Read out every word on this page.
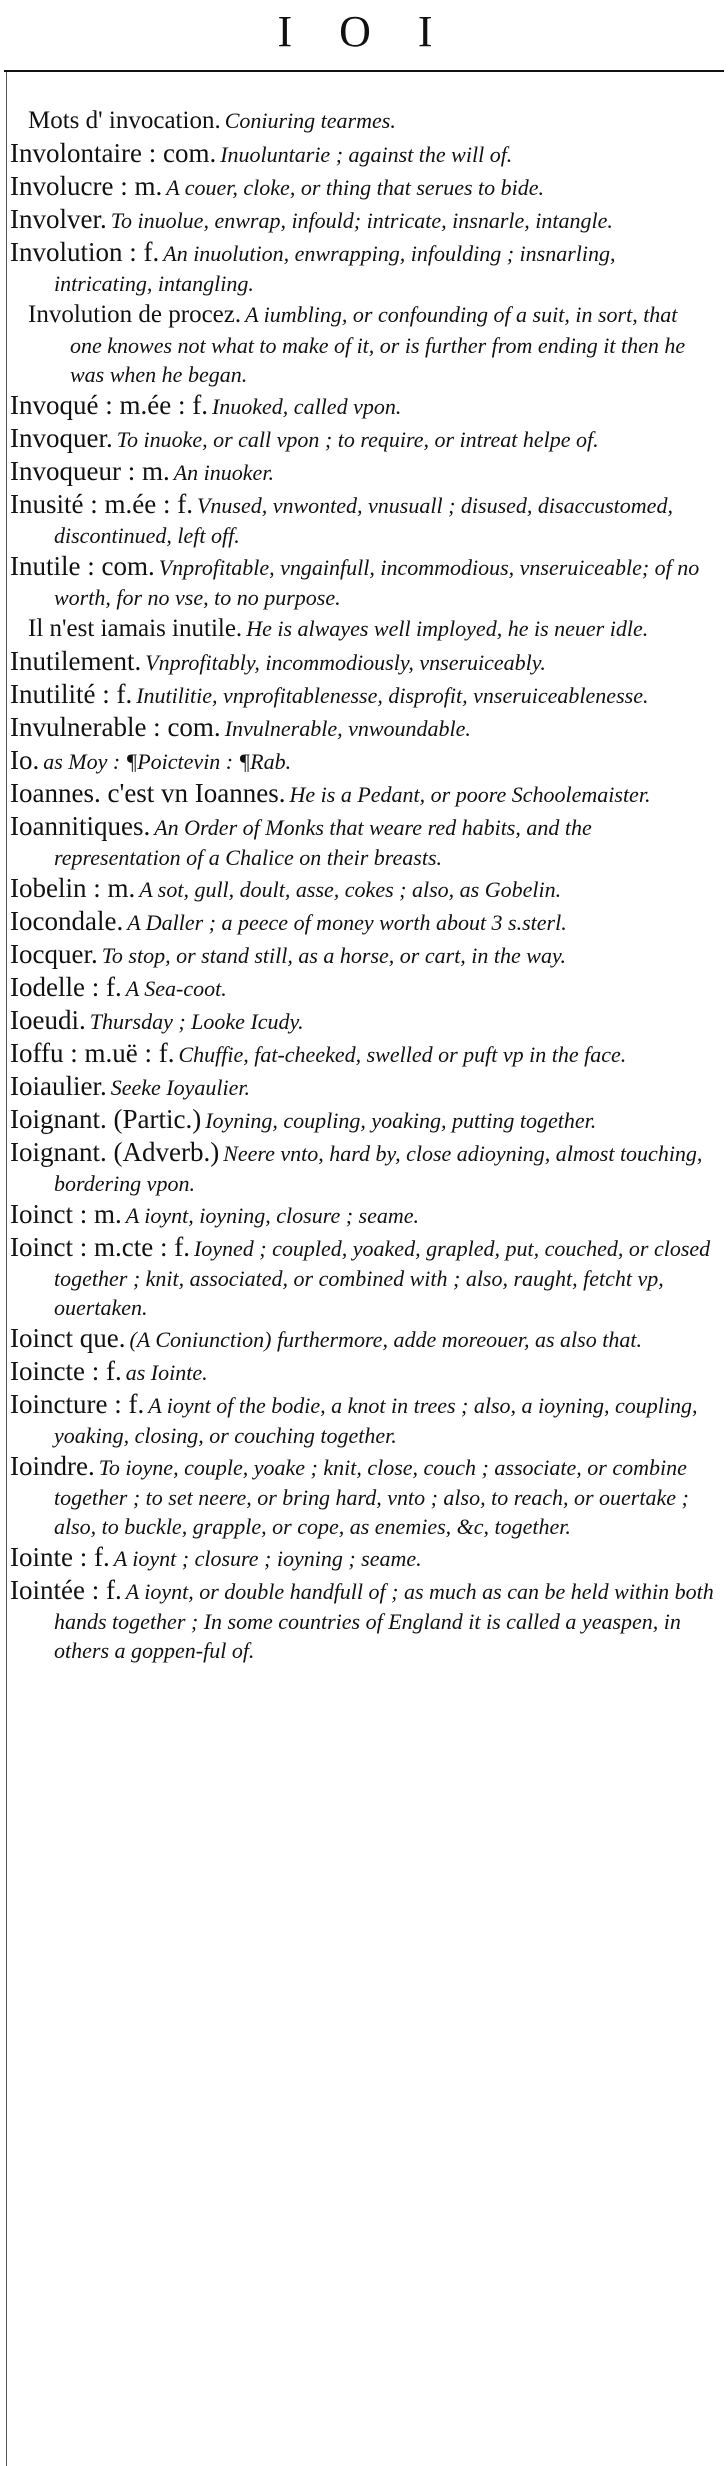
I O I

Mots d' invocation. Coniuring tearmes.

Involontaire : com. Inuoluntarie ; against the will of.

Involucre : m. A couer, cloke, or thing that serues to bide.

Involver. To inuolue, enwrap, infould; intricate, insnarle, intangle.

Involution : f. An inuolution, enwrapping, infoulding ; insnarling, intricating, intangling.

Involution de procez. A iumbling, or confounding of a suit, in sort, that one knowes not what to make of it, or is further from ending it then he was when he began.

Invoqué : m.ée : f. Inuoked, called vpon.

Invoquer. To inuoke, or call vpon ; to require, or intreat helpe of.

Invoqueur : m. An inuoker.

Inusité : m.ée : f. Vnused, vnwonted, vnusuall ; disused, disaccustomed, discontinued, left off.

Inutile : com. Vnprofitable, vngainfull, incommodious, vnseruiceable; of no worth, for no vse, to no purpose.

Il n'est iamais inutile. He is alwayes well imployed, he is neuer idle.

Inutilement. Vnprofitably, incommodiously, vnseruiceably.

Inutilité : f. Inutilitie, vnprofitablenesse, disprofit, vnseruiceablenesse.

Invulnerable : com. Invulnerable, vnwoundable.

Io. as Moy : ¶Poictevin : ¶Rab.

Ioannes. c'est vn Ioannes. He is a Pedant, or poore Schoolemaister.

Ioannitiques. An Order of Monks that weare red habits, and the representation of a Chalice on their breasts.

Iobelin : m. A sot, gull, doult, asse, cokes ; also, as Gobelin.

Iocondale. A Daller ; a peece of money worth about 3 s.sterl.

Iocquer. To stop, or stand still, as a horse, or cart, in the way.

Iodelle : f. A Sea-coot.

Ioeudi. Thursday ; Looke Icudy.

Ioffu : m.uë : f. Chuffie, fat-cheeked, swelled or puft vp in the face.

Ioiaulier. Seeke Ioyaulier.

Ioignant. (Partic.) Ioyning, coupling, yoaking, putting together.

Ioignant. (Adverb.) Neere vnto, hard by, close adioyning, almost touching, bordering vpon.

Ioinct : m. A ioynt, ioyning, closure ; seame.

Ioinct : m.cte : f. Ioyned ; coupled, yoaked, grapled, put, couched, or closed together ; knit, associated, or combined with ; also, raught, fetcht vp, ouertaken.

Ioinct que. (A Coniunction) furthermore, adde moreouer, as also that.

Ioincte : f. as Iointe.

Ioincture : f. A ioynt of the bodie, a knot in trees ; also, a ioyning, coupling, yoaking, closing, or couching together.

Ioindre. To ioyne, couple, yoake ; knit, close, couch ; associate, or combine together ; to set neere, or bring hard, vnto ; also, to reach, or ouertake ; also, to buckle, grapple, or cope, as enemies, &c, together.

Iointe : f. A ioynt ; closure ; ioyning ; seame.

Iointée : f. A ioynt, or double handfull of ; as much as can be held within both hands together ; In some countries of England it is called a yeaspen, in others a goppen-ful of.
